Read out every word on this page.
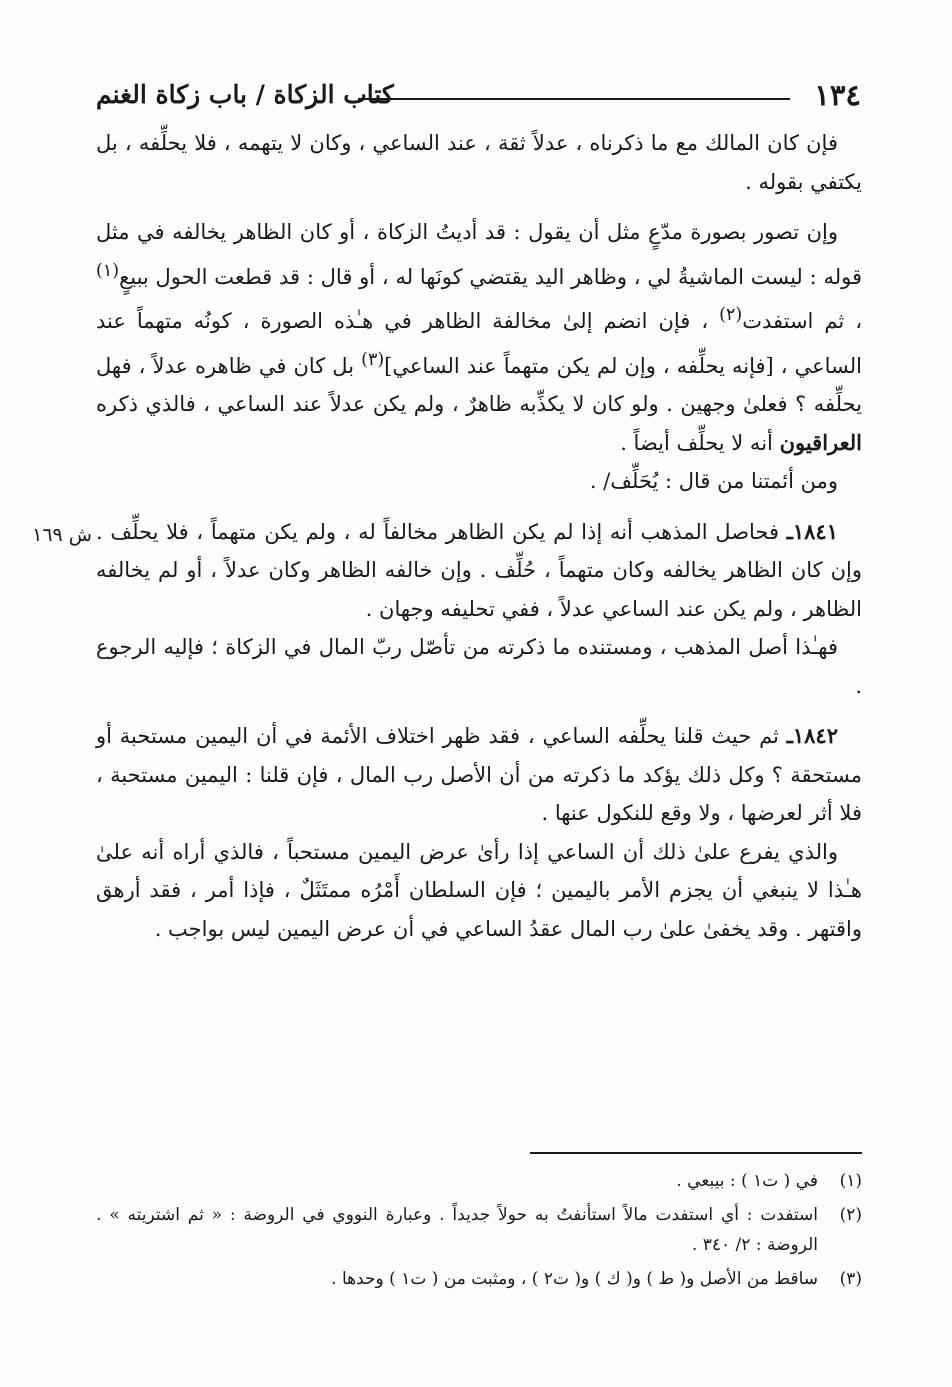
١٣٤
كتاب الزكاة / باب زكاة الغنم

فإن كان المالك مع ما ذكرناه ، عدلاً ثقة ، عند الساعي ، وكان لا يتهمه ، فلا يحلِّفه ، بل يكتفي بقوله .

وإن تصور بصورة مدّعٍ مثل أن يقول : قد أديتُ الزكاة ، أو كان الظاهر يخالفه في مثل قوله : ليست الماشيةُ لي ، وظاهر اليد يقتضي كونَها له ، أو قال : قد قطعت الحول ببيعٍ$^{(١)}$ ، ثم استفدت$^{(٢)}$ ، فإن انضم إلىٰ مخالفة الظاهر في هـٰذه الصورة ، كونُه متهماً عند الساعي ، [فإنه يحلِّفه ، وإن لم يكن متهماً عند الساعي]$^{(٣)}$ بل كان في ظاهره عدلاً ، فهل يحلِّفه ؟ فعلىٰ وجهين . ولو كان لا يكذِّبه ظاهرٌ ، ولم يكن عدلاً عند الساعي ، فالذي ذكره العراقيون أنه لا يحلِّف أيضاً .

ومن أئمتنا من قال : يُحَلِّف/ .

١٨٤١ـ فحاصل المذهب أنه إذا لم يكن الظاهر مخالفاً له ، ولم يكن متهماً ، فلا يحلِّف . وإن كان الظاهر يخالفه وكان متهماً ، حُلِّف . وإن خالفه الظاهر وكان عدلاً ، أو لم يخالفه الظاهر ، ولم يكن عند الساعي عدلاً ، ففي تحليفه وجهان .

فهـٰذا أصل المذهب ، ومستنده ما ذكرته من تأصّل ربّ المال في الزكاة ؛ فإليه الرجوع .

١٨٤٢ـ ثم حيث قلنا يحلِّفه الساعي ، فقد ظهر اختلاف الأئمة في أن اليمين مستحبة أو مستحقة ؟ وكل ذلك يؤكد ما ذكرته من أن الأصل رب المال ، فإن قلنا : اليمين مستحبة ، فلا أثر لعرضها ، ولا وقع للنكول عنها .

والذي يفرع علىٰ ذلك أن الساعي إذا رأىٰ عرض اليمين مستحباً ، فالذي أراه أنه علىٰ هـٰذا لا ينبغي أن يجزم الأمر باليمين ؛ فإن السلطان أَمْرُه ممتَثَلٌ ، فإذا أمر ، فقد أرهق واقتهر . وقد يخفىٰ علىٰ رب المال عقدُ الساعي في أن عرض اليمين ليس بواجب .

ش ١٦٩

(١)
في ( ت١ ) : بيبعي .

(٢)
استفدت : أي استفدت مالاً استأنفتُ به حولاً جديداً . وعبارة النووي في الروضة : « ثم اشتريته » . الروضة : ٢/ ٣٤٠ .

(٣)
ساقط من الأصل و( ط ) و( ك ) و( ت٢ ) ، ومثبت من ( ت١ ) وحدها .
